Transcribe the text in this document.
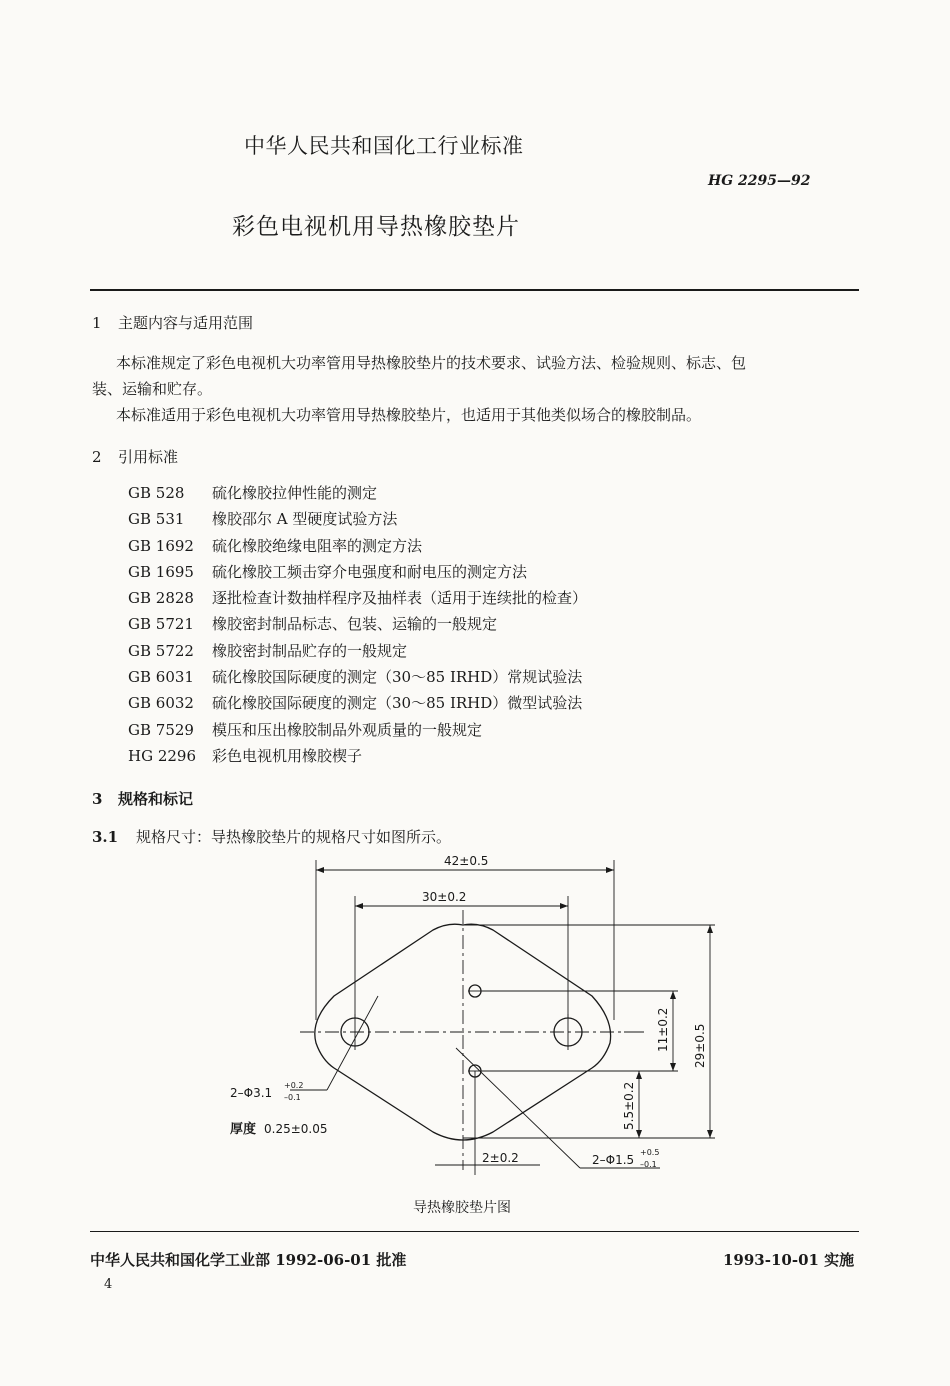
中华人民共和国化工行业标准
HG 2295—92
彩色电视机用导热橡胶垫片
1 主题内容与适用范围
本标准规定了彩色电视机大功率管用导热橡胶垫片的技术要求、试验方法、检验规则、标志、包
装、运输和贮存。
本标准适用于彩色电视机大功率管用导热橡胶垫片，也适用于其他类似场合的橡胶制品。
2 引用标准
GB 528 硫化橡胶拉伸性能的测定
GB 531 橡胶邵尔 A 型硬度试验方法
GB 1692 硫化橡胶绝缘电阻率的测定方法
GB 1695 硫化橡胶工频击穿介电强度和耐电压的测定方法
GB 2828 逐批检查计数抽样程序及抽样表（适用于连续批的检查）
GB 5721 橡胶密封制品标志、包装、运输的一般规定
GB 5722 橡胶密封制品贮存的一般规定
GB 6031 硫化橡胶国际硬度的测定（30～85 IRHD）常规试验法
GB 6032 硫化橡胶国际硬度的测定（30～85 IRHD）微型试验法
GB 7529 模压和压出橡胶制品外观质量的一般规定
HG 2296 彩色电视机用橡胶楔子
3 规格和标记
3.1 规格尺寸：导热橡胶垫片的规格尺寸如图所示。
42±0.5
30±0.2
29±0.5
11±0.2
5.5±0.2
2±0.2
2–Φ3.1
+0.2
–0.1
2–Φ1.5
+0.5
–0.1
厚度 0.25±0.05
导热橡胶垫片图
中华人民共和国化学工业部 1992-06-01 批准	1993-10-01 实施
4
